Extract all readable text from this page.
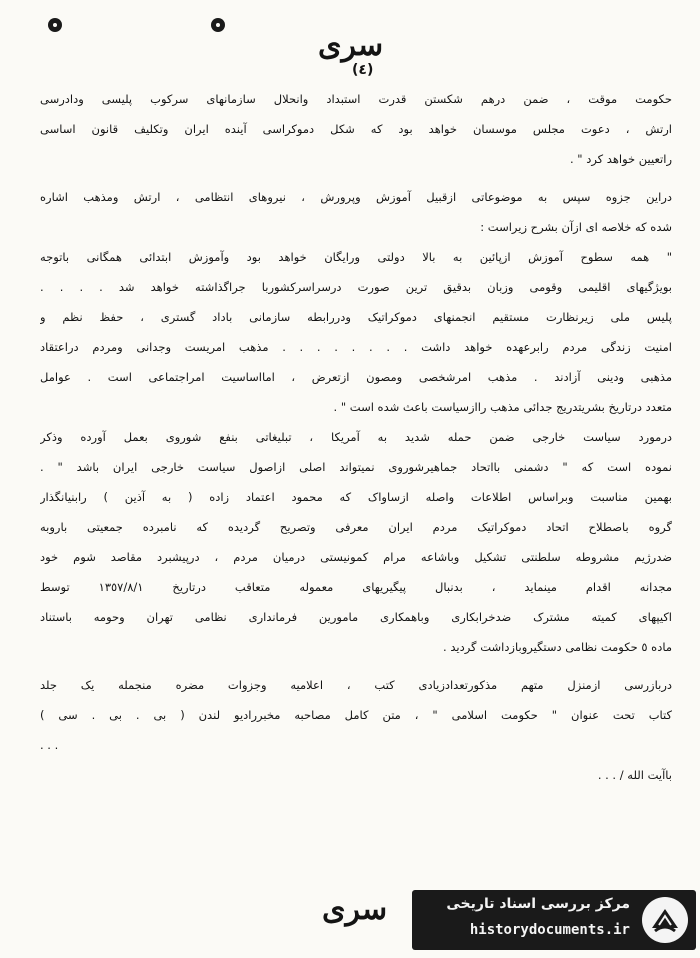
سری
(٤)
حکومت موقت ، ضمن درهم شکستن قدرت استبداد وانحلال سازمانهای سرکوب پلیسی ودادرسی
ارتش ، دعوت مجلس موسسان خواهد بود که شکل دموکراسی آینده ایران وتکلیف قانون اساسی
راتعیین خواهد کرد " .
دراین جزوه سپس به موضوعاتی ازقبیل آموزش وپرورش ، نیروهای انتظامی ، ارتش ومذهب اشاره
شده که خلاصه ای ازآن بشرح زیراست :
" همه سطوح آموزش ازپائین به بالا دولتی ورایگان خواهد بود وآموزش ابتدائی همگانی باتوجه
بویژگیهای اقلیمی وقومی وزبان بدقیق ترین صورت درسراسرکشوربا جراگذاشته خواهد شد . . . .
پلیس ملی زیرنظارت مستقیم انجمنهای دموکراتیک ودررابطه سازمانی باداد گستری ، حفظ نظم و
امنیت زندگی مردم رابرعهده خواهد داشت . . . . . . . . مذهب امریست وجدانی ومردم دراعتقاد
مذهبی ودینی آزادند . مذهب امرشخصی ومصون ازتعرض ، امااساسیت امراجتماعی است . عوامل
متعدد درتاریخ بشریتدریج جدائی مذهب راازسیاست باعث شده است " .
درمورد سیاست خارجی ضمن حمله شدید به آمریکا ، تبلیغاتی بنفع شوروی بعمل آورده وذکر
نموده است که " دشمنی بااتحاد جماهیرشوروی نمیتواند اصلی ازاصول سیاست خارجی ایران باشد " .
بهمین مناسبت وبراساس اطلاعات واصله ازساواک که محمود اعتماد زاده ( به آذین ) رابنیانگذار
گروه باصطلاح اتحاد دموکراتیک مردم ایران معرفی وتصریح گردیده که نامبرده جمعیتی باروبه
ضدرژیم مشروطه سلطنتی تشکیل وباشاعه مرام کمونیستی درمیان مردم ، درپیشبرد مقاصد شوم خود
مجدانه اقدام مینماید ، بدنبال پیگیریهای معموله متعاقب درتاریخ ١٣٥٧/٨/١ توسط
اکیپهای کمیته مشترک ضدخرابکاری وباهمکاری مامورین فرمانداری نظامی تهران وحومه باستناد
ماده ٥ حکومت نظامی دستگیروبازداشت گردید .
دربازرسی ازمنزل متهم مذکورتعدادزیادی کتب ، اعلامیه وجزوات مضره منجمله یک جلد
کتاب تحت عنوان " حکومت اسلامی " ، متن کامل مصاحبه مخبررادیو لندن ( بی . بی . سی )
. . .
باآیت الله / . . .
سری	مرکز بررسی اسناد تاریخی
historydocuments.ir
